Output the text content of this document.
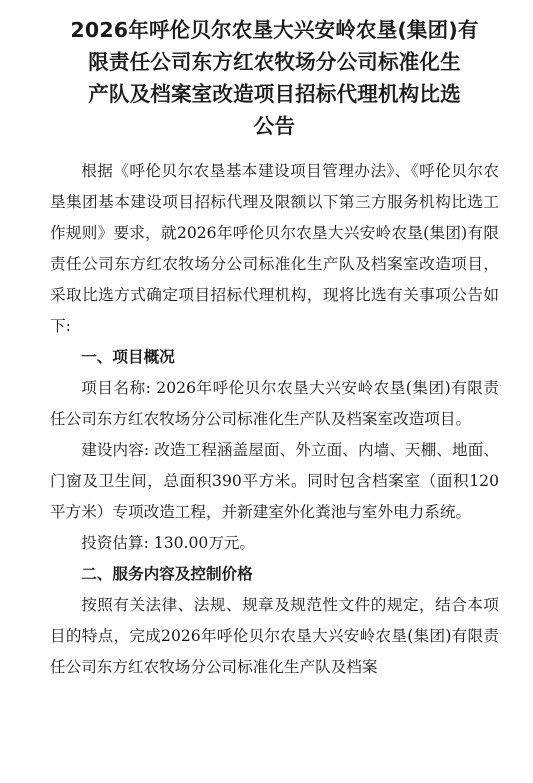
2026年呼伦贝尔农垦大兴安岭农垦(集团)有
限责任公司东方红农牧场分公司标准化生
产队及档案室改造项目招标代理机构比选
公告

根据《呼伦贝尔农垦基本建设项目管理办法》、《呼伦贝尔农垦集团基本建设项目招标代理及限额以下第三方服务机构比选工作规则》要求，就2026年呼伦贝尔农垦大兴安岭农垦(集团)有限责任公司东方红农牧场分公司标准化生产队及档案室改造项目，采取比选方式确定项目招标代理机构，现将比选有关事项公告如下:

一、项目概况

项目名称: 2026年呼伦贝尔农垦大兴安岭农垦(集团)有限责任公司东方红农牧场分公司标准化生产队及档案室改造项目。

建设内容: 改造工程涵盖屋面、外立面、内墙、天棚、地面、门窗及卫生间，总面积390平方米。同时包含档案室（面积120平方米）专项改造工程，并新建室外化粪池与室外电力系统。

投资估算: 130.00万元。

二、服务内容及控制价格

按照有关法律、法规、规章及规范性文件的规定，结合本项目的特点，完成2026年呼伦贝尔农垦大兴安岭农垦(集团)有限责任公司东方红农牧场分公司标准化生产队及档案
